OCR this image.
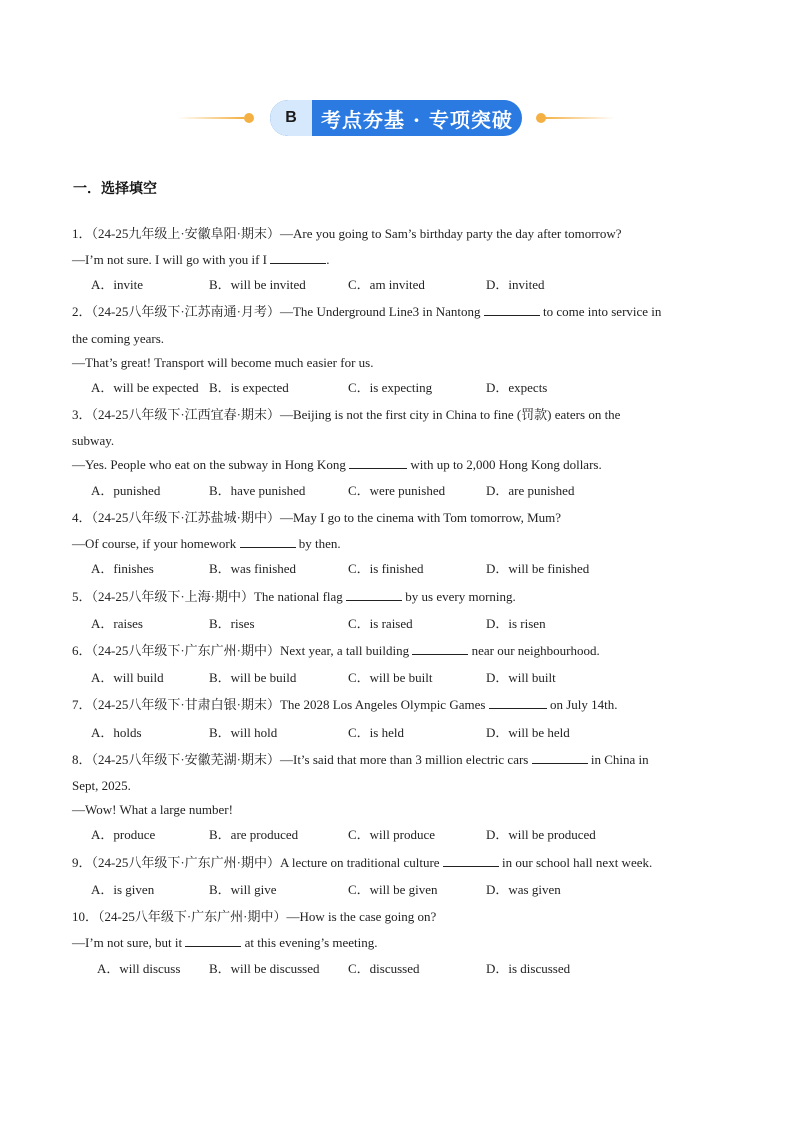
B	考点夯基 · 专项突破
一．选择填空
1．（24-25九年级上·安徽阜阳·期末）—Are you going to Sam’s birthday party the day after tomorrow?
—I’m not sure. I will go with you if I	.
A．invite	B．will be invited	C．am invited	D．invited
2．（24-25八年级下·江苏南通·月考）—The Underground Line3 in Nantong	to come into service in
the coming years.
—That’s great! Transport will become much easier for us.
A．will be expected B．is expected	C．is expecting	D．expects
3．（24-25八年级下·江西宜春·期末）—Beijing is not the first city in China to fine (罚款) eaters on the
subway.
—Yes. People who eat on the subway in Hong Kong	with up to 2,000 Hong Kong dollars.
A．punished	B．have punished	C．were punished	D．are punished
4．（24-25八年级下·江苏盐城·期中）—May I go to the cinema with Tom tomorrow, Mum?
—Of course, if your homework	by then.
A．finishes	B．was finished	C．is finished	D．will be finished
5．（24-25八年级下·上海·期中）The national flag	by us every morning.
A．raises	B．rises	C．is raised	D．is risen
6．（24-25八年级下·广东广州·期中）Next year, a tall building	near our neighbourhood.
A．will build	B．will be build	C．will be built	D．will built
7．（24-25八年级下·甘肃白银·期末）The 2028 Los Angeles Olympic Games	on July 14th.
A．holds	B．will hold	C．is held	D．will be held
8．（24-25八年级下·安徽芜湖·期末）—It’s said that more than 3 million electric cars	in China in
Sept, 2025.
—Wow! What a large number!
A．produce	B．are produced	C．will produce	D．will be produced
9．（24-25八年级下·广东广州·期中）A lecture on traditional culture	in our school hall next week.
A．is given	B．will give	C．will be given	D．was given
10．（24-25八年级下·广东广州·期中）—How is the case going on?
—I’m not sure, but it	at this evening’s meeting.
A．will discuss B．will be discussed C．discussed	D．is discussed
